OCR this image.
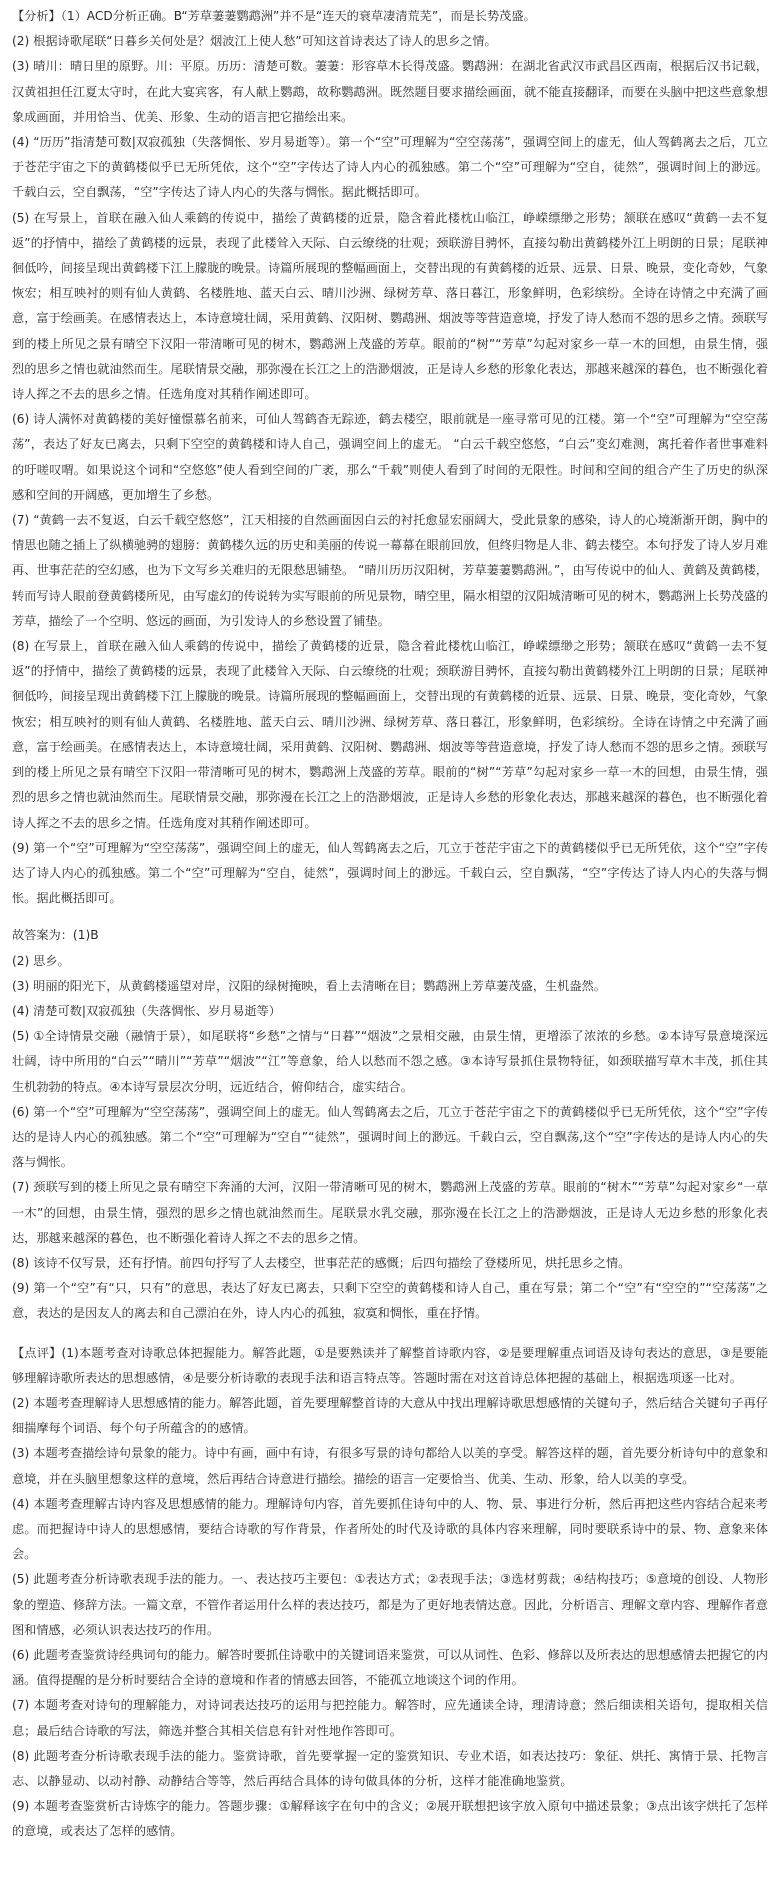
【分析】（1）ACD分析正确。B“芳草萋萋鹦鹉洲”并不是“连天的衰草凄清荒芜”，而是长势茂盛。

(2) 根据诗歌尾联“日暮乡关何处是？烟波江上使人愁”可知这首诗表达了诗人的思乡之情。

(3) 晴川：晴日里的原野。川：平原。历历：清楚可数。萋萋：形容草木长得茂盛。鹦鹉洲：在湖北省武汉市武昌区西南，根据后汉书记载，汉黄祖担任江夏太守时，在此大宴宾客，有人献上鹦鹉，故称鹦鹉洲。既然题目要求描绘画面，就不能直接翻译，而要在头脑中把这些意象想象成画面，并用恰当、优美、形象、生动的语言把它描绘出来。

(4) “历历”指清楚可数|双寂孤独（失落惆怅、岁月易逝等）。第一个“空”可理解为“空空荡荡”，强调空间上的虚无，仙人驾鹤离去之后，兀立于苍茫宇宙之下的黄鹤楼似乎已无所凭依，这个“空”字传达了诗人内心的孤独感。第二个“空”可理解为“空自，徒然”，强调时间上的渺远。千载白云，空自飘荡，“空”字传达了诗人内心的失落与惆怅。据此概括即可。

(5) 在写景上，首联在融入仙人乘鹤的传说中，描绘了黄鹤楼的近景，隐含着此楼枕山临江，峥嵘缥缈之形势；颔联在感叹“黄鹤一去不复返”的抒情中，描绘了黄鹤楼的远景，表现了此楼耸入天际、白云缭绕的壮观；颈联游目骋怀，直接勾勒出黄鹤楼外江上明朗的日景；尾联神徊低吟，间接呈现出黄鹤楼下江上朦胧的晚景。诗篇所展现的整幅画面上，交替出现的有黄鹤楼的近景、远景、日景、晚景，变化奇妙，气象恢宏；相互映衬的则有仙人黄鹤、名楼胜地、蓝天白云、晴川沙洲、绿树芳草、落日暮江，形象鲜明，色彩缤纷。全诗在诗情之中充满了画意，富于绘画美。在感情表达上，本诗意境壮阔，采用黄鹤、汉阳树、鹦鹉洲、烟波等等营造意境，抒发了诗人愁而不怨的思乡之情。颈联写到的楼上所见之景有晴空下汉阳一带清晰可见的树木，鹦鹉洲上茂盛的芳草。眼前的“树”“芳草”勾起对家乡一草一木的回想，由景生情，强烈的思乡之情也就油然而生。尾联情景交融，那弥漫在长江之上的浩渺烟波，正是诗人乡愁的形象化表达，那越来越深的暮色，也不断强化着诗人挥之不去的思乡之情。任选角度对其稍作阐述即可。

(6) 诗人满怀对黄鹤楼的美好憧憬慕名前来，可仙人驾鹤杳无踪迹，鹤去楼空，眼前就是一座寻常可见的江楼。第一个“空”可理解为“空空荡荡”，表达了好友已离去，只剩下空空的黄鹤楼和诗人自己，强调空间上的虚无。 “白云千载空悠悠，“白云”变幻难测，寓托着作者世事难料的吁嗟叹喟。如果说这个词和“空悠悠”使人看到空间的广袤，那么“千载”则使人看到了时间的无限性。时间和空间的组合产生了历史的纵深感和空间的开阔感，更加增生了乡愁。

(7) “黄鹤一去不复返，白云千载空悠悠”，江天相接的自然画面因白云的衬托愈显宏丽阔大，受此景象的感染，诗人的心境渐渐开朗，胸中的情思也随之插上了纵横驰骋的翅膀：黄鹤楼久远的历史和美丽的传说一幕幕在眼前回放，但终归物是人非、鹤去楼空。本句抒发了诗人岁月难再、世事茫茫的空幻感，也为下文写乡关难归的无限愁思铺垫。 “晴川历历汉阳树，芳草萋萋鹦鹉洲。”，由写传说中的仙人、黄鹤及黄鹤楼，转而写诗人眼前登黄鹤楼所见，由写虚幻的传说转为实写眼前的所见景物，晴空里，隔水相望的汉阳城清晰可见的树木，鹦鹉洲上长势茂盛的芳草，描绘了一个空明、悠远的画面，为引发诗人的乡愁设置了铺垫。

(8) 在写景上，首联在融入仙人乘鹤的传说中，描绘了黄鹤楼的近景，隐含着此楼枕山临江，峥嵘缥缈之形势；颔联在感叹“黄鹤一去不复返”的抒情中，描绘了黄鹤楼的远景，表现了此楼耸入天际、白云缭绕的壮观；颈联游目骋怀，直接勾勒出黄鹤楼外江上明朗的日景；尾联神徊低吟，间接呈现出黄鹤楼下江上朦胧的晚景。诗篇所展现的整幅画面上，交替出现的有黄鹤楼的近景、远景、日景、晚景，变化奇妙，气象恢宏；相互映衬的则有仙人黄鹤、名楼胜地、蓝天白云、晴川沙洲、绿树芳草、落日暮江，形象鲜明，色彩缤纷。全诗在诗情之中充满了画意，富于绘画美。在感情表达上，本诗意境壮阔，采用黄鹤、汉阳树、鹦鹉洲、烟波等等营造意境，抒发了诗人愁而不怨的思乡之情。颈联写到的楼上所见之景有晴空下汉阳一带清晰可见的树木，鹦鹉洲上茂盛的芳草。眼前的“树”“芳草”勾起对家乡一草一木的回想，由景生情，强烈的思乡之情也就油然而生。尾联情景交融，那弥漫在长江之上的浩渺烟波，正是诗人乡愁的形象化表达，那越来越深的暮色，也不断强化着诗人挥之不去的思乡之情。任选角度对其稍作阐述即可。

(9) 第一个“空”可理解为“空空荡荡”，强调空间上的虚无，仙人驾鹤离去之后，兀立于苍茫宇宙之下的黄鹤楼似乎已无所凭依，这个“空”字传达了诗人内心的孤独感。第二个“空”可理解为“空自，徒然”，强调时间上的渺远。千载白云，空自飘荡，“空”字传达了诗人内心的失落与惆怅。据此概括即可。

故答案为：(1)B

(2) 思乡。

(3) 明丽的阳光下，从黄鹤楼遥望对岸，汉阳的绿树掩映，看上去清晰在目；鹦鹉洲上芳草萋茂盛，生机盎然。

(4) 清楚可数|双寂孤独（失落惆怅、岁月易逝等）

(5) ①全诗情景交融（融情于景），如尾联将“乡愁”之情与“日暮”“烟波”之景相交融，由景生情，更增添了浓浓的乡愁。②本诗写景意境深远壮阔，诗中所用的“白云”“晴川”“芳草”“烟波”“江”等意象，给人以愁而不怨之感。③本诗写景抓住景物特征，如颈联描写草木丰茂，抓住其生机勃勃的特点。④本诗写景层次分明，远近结合，俯仰结合，虚实结合。

(6) 第一个“空”可理解为“空空荡荡”，强调空间上的虚无。仙人驾鹤离去之后，兀立于苍茫宇宙之下的黄鹤楼似乎已无所凭依，这个“空”字传达的是诗人内心的孤独感。第二个“空”可理解为“空自”“徒然”，强调时间上的渺远。千载白云，空自飘荡,这个“空”字传达的是诗人内心的失落与惆怅。

(7) 颈联写到的楼上所见之景有晴空下奔涌的大河，汉阳一带清晰可见的树木，鹦鹉洲上茂盛的芳草。眼前的“树木”“芳草”勾起对家乡“一草一木”的回想，由景生情，强烈的思乡之情也就油然而生。尾联景水乳交融，那弥漫在长江之上的浩渺烟波，正是诗人无边乡愁的形象化表达，那越来越深的暮色，也不断强化着诗人挥之不去的思乡之情。

(8) 该诗不仅写景，还有抒情。前四句抒写了人去楼空，世事茫茫的感慨；后四句描绘了登楼所见，烘托思乡之情。

(9) 第一个“空”有“只，只有”的意思，表达了好友已离去，只剩下空空的黄鹤楼和诗人自己，重在写景；第二个“空”有“空空的”“空荡荡”之意，表达的是因友人的离去和自己漂泊在外，诗人内心的孤独，寂寞和惆怅，重在抒情。

【点评】(1)本题考查对诗歌总体把握能力。解答此题，①是要熟读并了解整首诗歌内容，②是要理解重点词语及诗句表达的意思，③是要能够理解诗歌所表达的思想感情，④是要分析诗歌的表现手法和语言特点等。答题时需在对这首诗总体把握的基础上，根据选项逐一比对。

(2) 本题考查理解诗人思想感情的能力。解答此题，首先要理解整首诗的大意从中找出理解诗歌思想感情的关键句子，然后结合关键句子再仔细揣摩每个词语、每个句子所蕴含的的感情。

(3) 本题考查描绘诗句景象的能力。诗中有画，画中有诗，有很多写景的诗句都给人以美的享受。解答这样的题，首先要分析诗句中的意象和意境，并在头脑里想象这样的意境，然后再结合诗意进行描绘。描绘的语言一定要恰当、优美、生动、形象，给人以美的享受。

(4) 本题考查理解古诗内容及思想感情的能力。理解诗句内容，首先要抓住诗句中的人、物、景、事进行分析，然后再把这些内容结合起来考虑。而把握诗中诗人的思想感情，要结合诗歌的写作背景，作者所处的时代及诗歌的具体内容来理解，同时要联系诗中的景、物、意象来体会。

(5) 此题考查分析诗歌表现手法的能力。一、表达技巧主要包：①表达方式；②表现手法；③选材剪裁；④结构技巧；⑤意境的创设、人物形象的塑造、修辞方法。一篇文章，不管作者运用什么样的表达技巧，都是为了更好地表情达意。因此，分析语言、理解文章内容、理解作者意图和情感，必须认识表达技巧的作用。

(6) 此题考查鉴赏诗经典词句的能力。解答时要抓住诗歌中的关键词语来鉴赏，可以从词性、色彩、修辞以及所表达的思想感情去把握它的内涵。值得提醒的是分析时要结合全诗的意境和作者的情感去回答，不能孤立地谈这个词的作用。

(7) 本题考查对诗句的理解能力，对诗词表达技巧的运用与把控能力。解答时，应先通读全诗，理清诗意；然后细读相关语句，提取相关信息；最后结合诗歌的写法，筛选并整合其相关信息有针对性地作答即可。

(8) 此题考查分析诗歌表现手法的能力。鉴赏诗歌，首先要掌握一定的鉴赏知识、专业术语，如表达技巧：象征、烘托、寓情于景、托物言志、以静显动、以动衬静、动静结合等等，然后再结合具体的诗句做具体的分析，这样才能准确地鉴赏。

(9) 本题考查鉴赏析古诗炼字的能力。答题步骤：①解释该字在句中的含义；②展开联想把该字放入原句中描述景象；③点出该字烘托了怎样的意境，或表达了怎样的感情。
